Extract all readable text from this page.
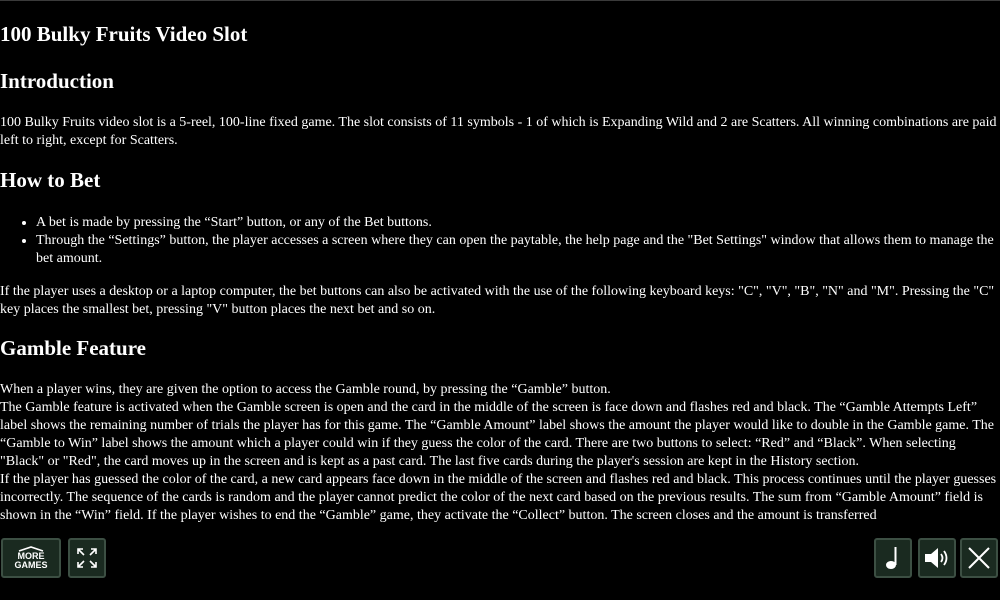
100 Bulky Fruits Video Slot
Introduction

100 Bulky Fruits video slot is a 5-reel, 100-line fixed game. The slot consists of 11 symbols - 1 of which is Expanding Wild and 2 are Scatters. All winning combinations are paid left to right, except for Scatters.

How to Bet
• A bet is made by pressing the “Start” button, or any of the Bet buttons.
• Through the “Settings” button, the player accesses a screen where they can open the paytable, the help page and the "Bet Settings" window that allows them to manage the bet amount.

If the player uses a desktop or a laptop computer, the bet buttons can also be activated with the use of the following keyboard keys: "C", "V", "B", "N" and "M". Pressing the "C" key places the smallest bet, pressing "V" button places the next bet and so on.

Gamble Feature

When a player wins, they are given the option to access the Gamble round, by pressing the “Gamble” button.

The Gamble feature is activated when the Gamble screen is open and the card in the middle of the screen is face down and flashes red and black. The “Gamble Attempts Left” label shows the remaining number of trials the player has for this game. The “Gamble Amount” label shows the amount the player would like to double in the Gamble game. The “Gamble to Win” label shows the amount which a player could win if they guess the color of the card. There are two buttons to select: “Red” and “Black”. When selecting "Black" or "Red", the card moves up in the screen and is kept as a past card. The last five cards during the player's session are kept in the History section.

If the player has guessed the color of the card, a new card appears face down in the middle of the screen and flashes red and black. This process continues until the player guesses incorrectly. The sequence of the cards is random and the player cannot predict the color of the next card based on the previous results. The sum from “Gamble Amount” field is shown in the “Win” field. If the player wishes to end the “Gamble” game, they activate the “Collect” button. The screen closes and the amount is transferred

MORE
GAMES
